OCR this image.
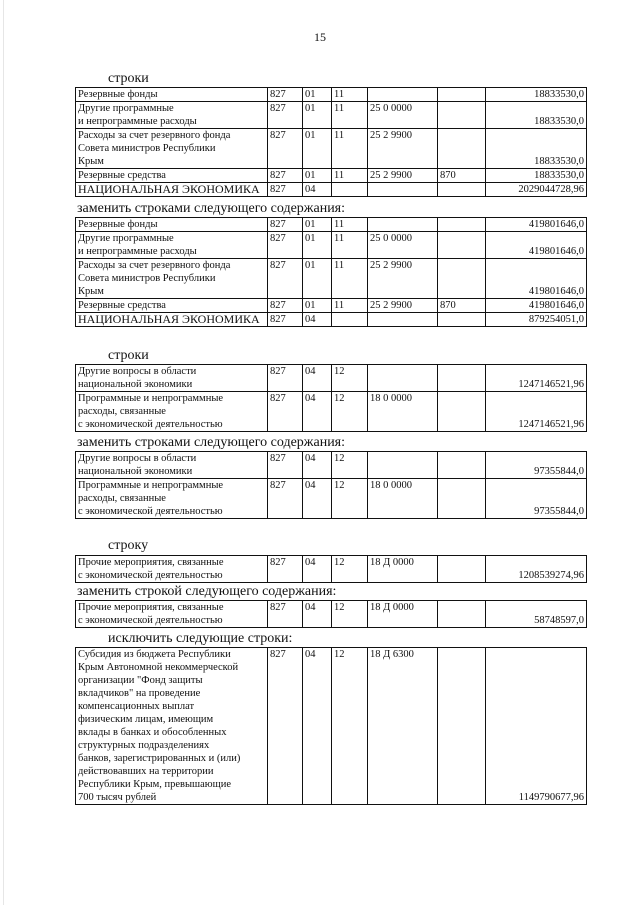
15
строки
Резервные фонды	827	01	11			18833530,0
Другие программные
и непрограммные расходы	827	01	11	25 0 0000		18833530,0
Расходы за счет резервного фонда
Совета министров Республики
Крым	827	01	11	25 2 9900		18833530,0
Резервные средства	827	01	11	25 2 9900	870	18833530,0
НАЦИОНАЛЬНАЯ ЭКОНОМИКА	827	04				2029044728,96
заменить строками следующего содержания:
Резервные фонды	827	01	11			419801646,0
Другие программные
и непрограммные расходы	827	01	11	25 0 0000		419801646,0
Расходы за счет резервного фонда
Совета министров Республики
Крым	827	01	11	25 2 9900		419801646,0
Резервные средства	827	01	11	25 2 9900	870	419801646,0
НАЦИОНАЛЬНАЯ ЭКОНОМИКА	827	04				879254051,0
строки
Другие вопросы в области
национальной экономики	827	04	12			1247146521,96
Программные и непрограммные
расходы, связанные
с экономической деятельностью	827	04	12	18 0 0000		1247146521,96
заменить строками следующего содержания:
Другие вопросы в области
национальной экономики	827	04	12			97355844,0
Программные и непрограммные
расходы, связанные
с экономической деятельностью	827	04	12	18 0 0000		97355844,0
строку
Прочие мероприятия, связанные
с экономической деятельностью	827	04	12	18 Д 0000		1208539274,96
заменить строкой следующего содержания:
Прочие мероприятия, связанные
с экономической деятельностью	827	04	12	18 Д 0000		58748597,0
исключить следующие строки:
Субсидия из бюджета Республики
Крым Автономной некоммерческой
организации "Фонд защиты
вкладчиков" на проведение
компенсационных выплат
физическим лицам, имеющим
вклады в банках и обособленных
структурных подразделениях
банков, зарегистрированных и (или)
действовавших на территории
Республики Крым, превышающие
700 тысяч рублей	827	04	12	18 Д 6300		1149790677,96
